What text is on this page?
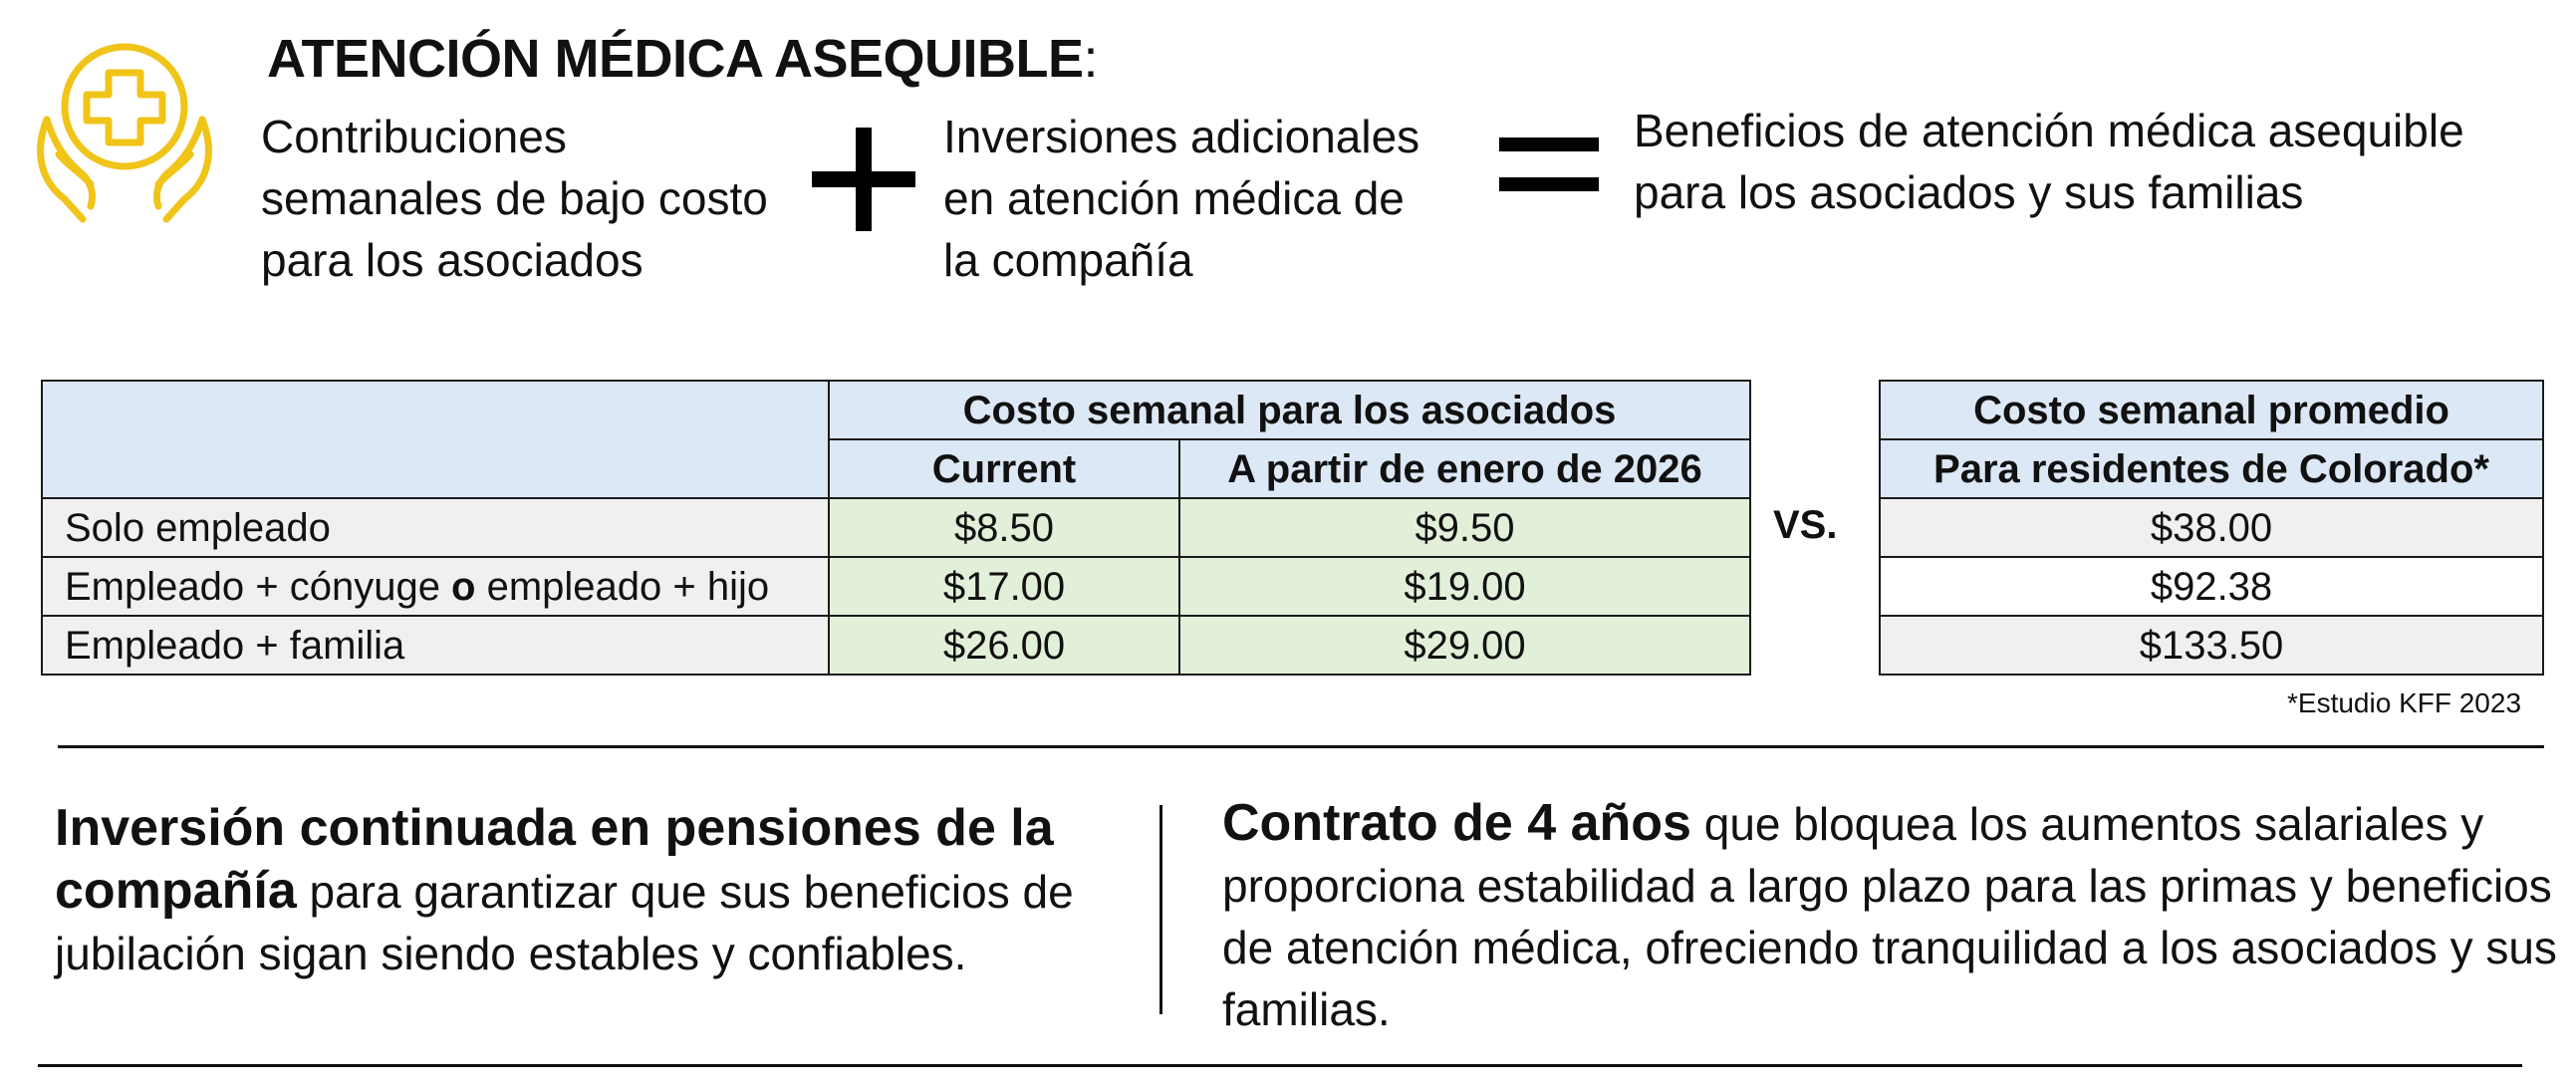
ATENCIÓN MÉDICA ASEQUIBLE:
Contribuciones
semanales de bajo costo
para los asociados
Inversiones adicionales
en atención médica de
la compañía
Beneficios de atención médica asequible
para los asociados y sus familias
	Costo semanal para los asociados	
	Current	A partir de enero de 2026
Solo empleado	$8.50	$9.50
Empleado + cónyuge o empleado + hijo	$17.00	$19.00
Empleado + familia	$26.00	$29.00
VS.
Costo semanal promedio
Para residentes de Colorado*
$38.00
$92.38
$133.50
*Estudio KFF 2023
Inversión continuada en pensiones de la compañía para garantizar que sus beneficios de jubilación sigan siendo estables y confiables.
Contrato de 4 años que bloquea los aumentos salariales y proporciona estabilidad a largo plazo para las primas y beneficios de atención médica, ofreciendo tranquilidad a los asociados y sus familias.
